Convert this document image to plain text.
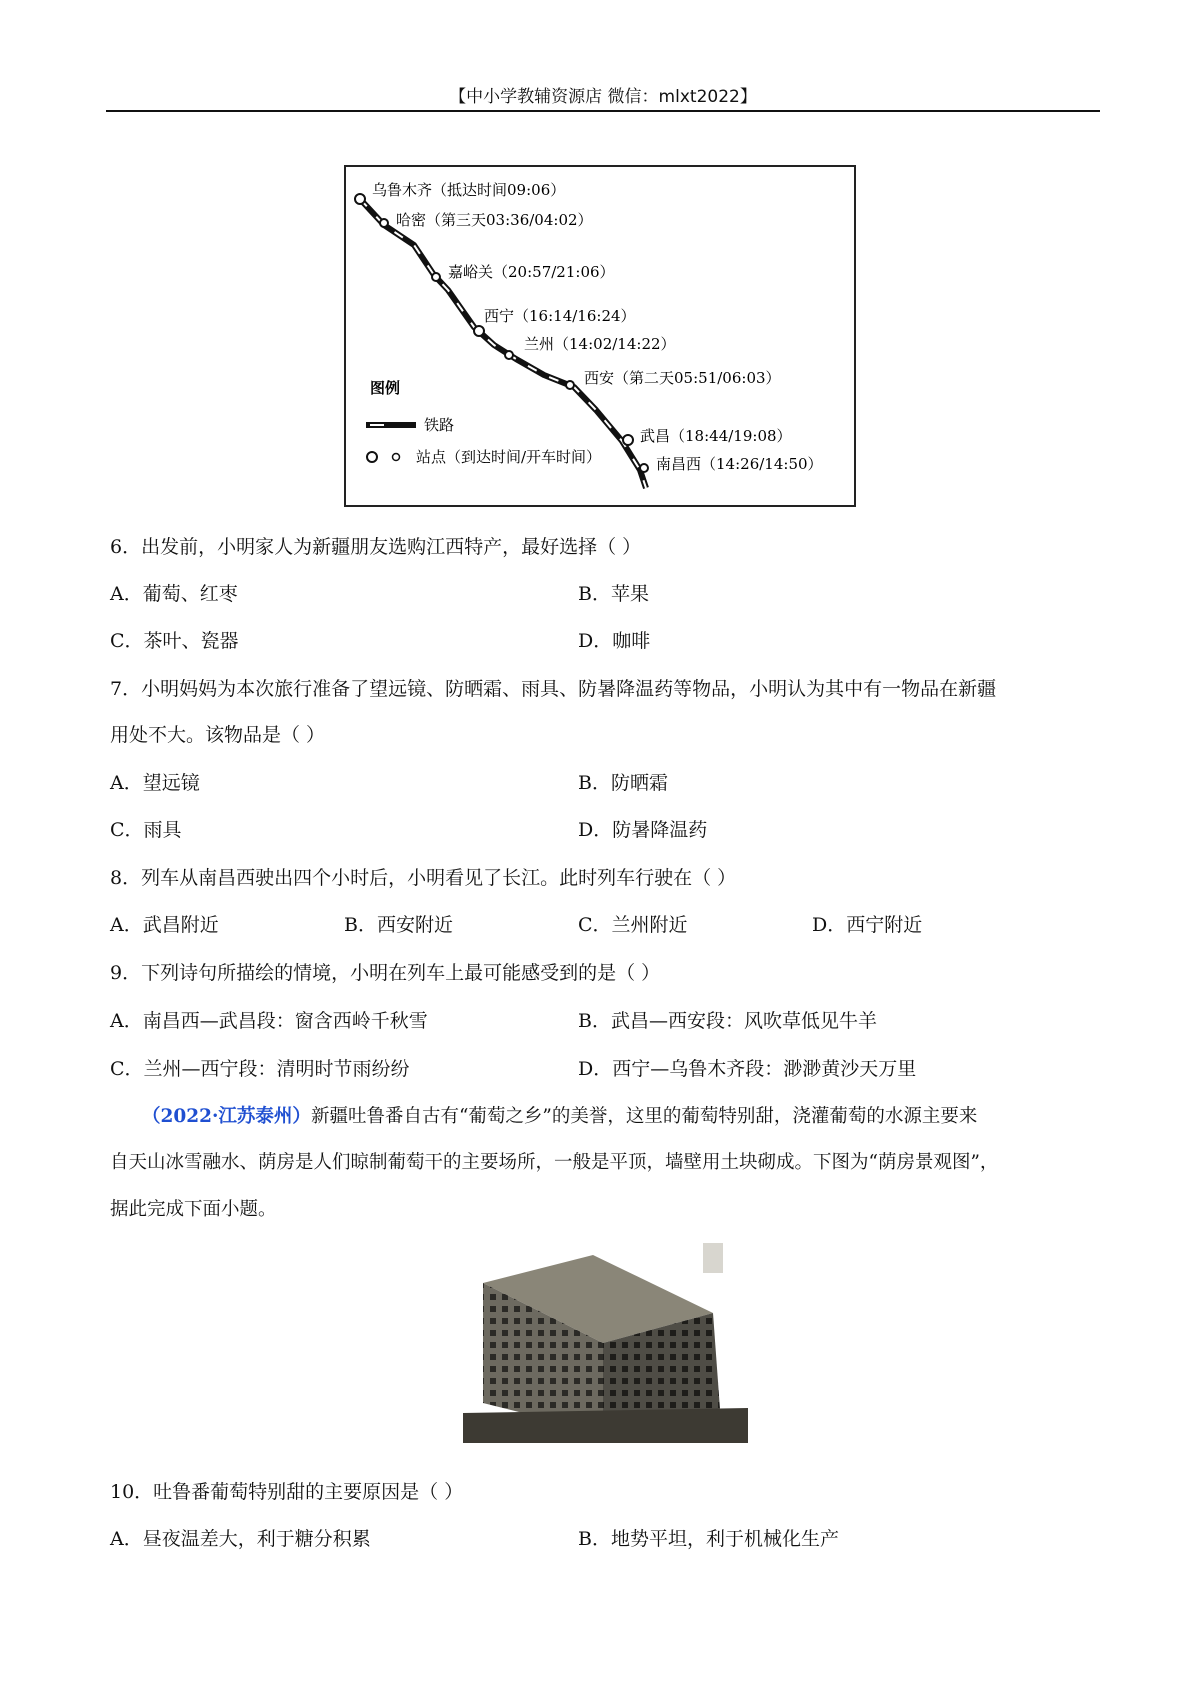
【中小学教辅资源店 微信：mlxt2022】
乌鲁木齐（抵达时间09:06）
哈密（第三天03:36/04:02）
嘉峪关（20:57/21:06）
西宁（16:14/16:24）
兰州（14:02/14:22）
西安（第二天05:51/06:03）
武昌（18:44/19:08）
南昌西（14:26/14:50）
图例
铁路
站点（到达时间/开车时间）
6．出发前，小明家人为新疆朋友选购江西特产，最好选择（ ）
A．葡萄、红枣	B．苹果
C．茶叶、瓷器	D．咖啡
7．小明妈妈为本次旅行准备了望远镜、防晒霜、雨具、防暑降温药等物品，小明认为其中有一物品在新疆
用处不大。该物品是（ ）
A．望远镜	B．防晒霜
C．雨具	D．防暑降温药
8．列车从南昌西驶出四个小时后，小明看见了长江。此时列车行驶在（ ）
A．武昌附近	B．西安附近	C．兰州附近	D．西宁附近
9．下列诗句所描绘的情境，小明在列车上最可能感受到的是（ ）
A．南昌西—武昌段：窗含西岭千秋雪	B．武昌—西安段：风吹草低见牛羊
C．兰州—西宁段：清明时节雨纷纷	D．西宁—乌鲁木齐段：渺渺黄沙天万里
（2022·江苏泰州）新疆吐鲁番自古有“葡萄之乡”的美誉，这里的葡萄特别甜，浇灌葡萄的水源主要来
自天山冰雪融水、荫房是人们晾制葡萄干的主要场所，一般是平顶，墙壁用土块砌成。下图为“荫房景观图”，
据此完成下面小题。
10．吐鲁番葡萄特别甜的主要原因是（ ）
A．昼夜温差大，利于糖分积累	B．地势平坦，利于机械化生产
